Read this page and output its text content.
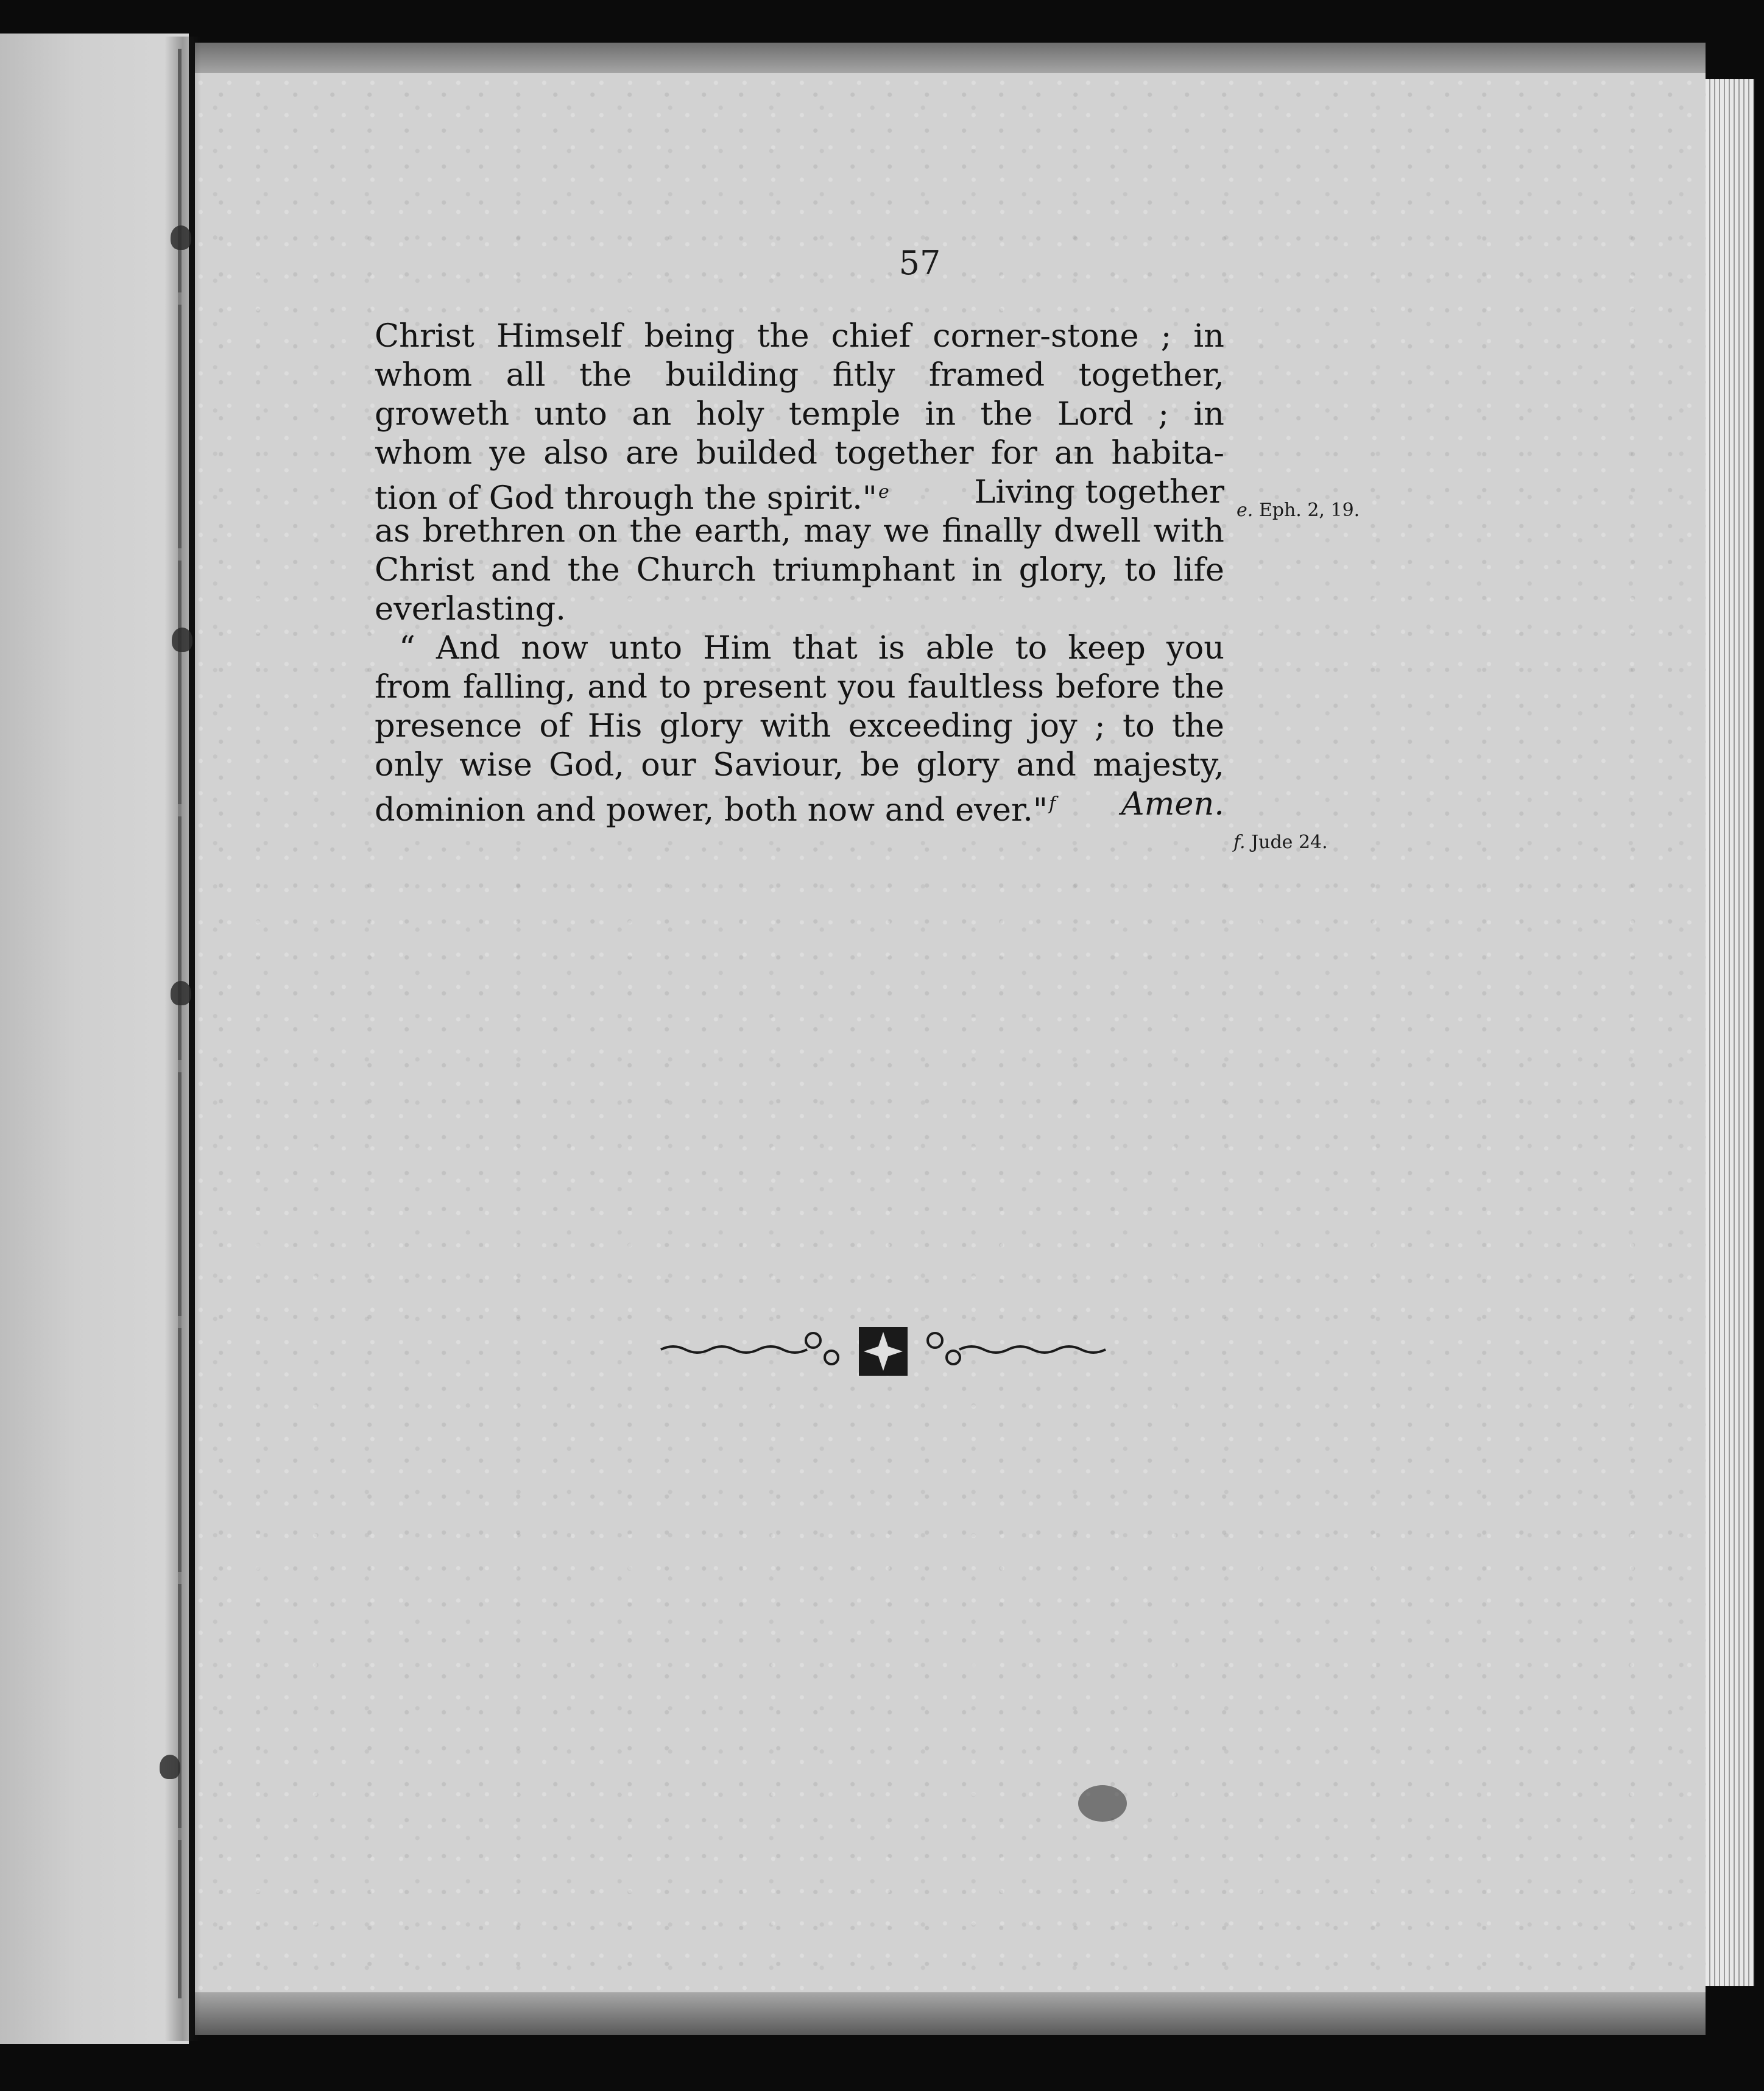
57

Christ Himself being the chief corner-stone ; in
whom all the building fitly framed together,
groweth unto an holy temple in the Lord ; in
whom ye also are builded together for an habita-
tion of God through the spirit."$^e$	Living together
as brethren on the earth, may we finally dwell with
Christ and the Church triumphant in glory, to life
everlasting.
“ And now unto Him that is able to keep you
from falling, and to present you faultless before the
presence of His glory with exceeding joy ; to the
only wise God, our Saviour, be glory and majesty,
dominion and power, both now and ever."$^f$ Amen.
e. Eph. 2, 19.
f. Jude 24.
